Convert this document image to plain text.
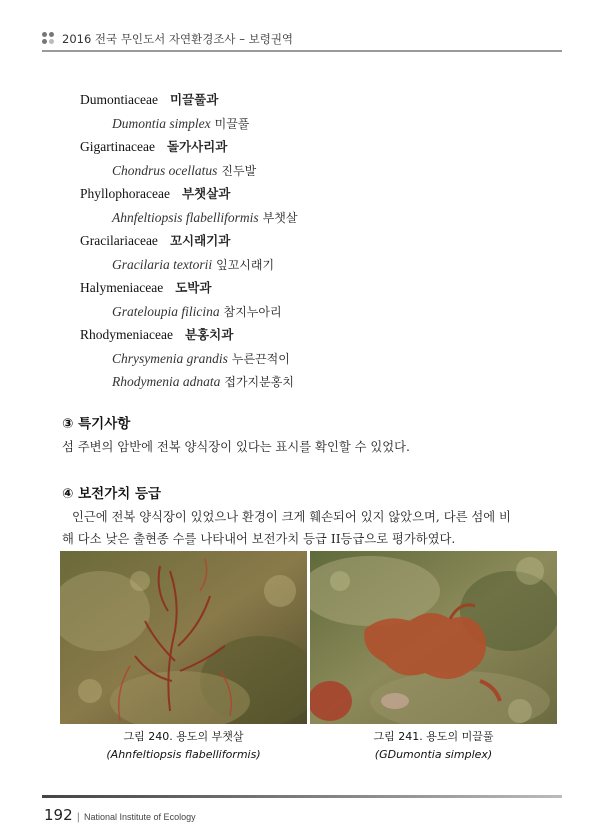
2016 전국 무인도서 자연환경조사 – 보령권역
Dumontiaceae 미끌풀과
Dumontia simplex 미끌풀
Gigartinaceae 돌가사리과
Chondrus ocellatus 진두발
Phyllophoraceae 부챗살과
Ahnfeltiopsis flabelliformis 부챗살
Gracilariaceae 꼬시래기과
Gracilaria textorii 잎꼬시래기
Halymeniaceae 도박과
Grateloupia filicina 참지누아리
Rhodymeniaceae 분홍치과
Chrysymenia grandis 누른끈적이
Rhodymenia adnata 접가지분홍치
③ 특기사항
섬 주변의 암반에 전복 양식장이 있다는 표시를 확인할 수 있었다.
④ 보전가치 등급
인근에 전복 양식장이 있었으나 환경이 크게 훼손되어 있지 않았으며, 다른 섬에 비
해 다소 낮은 출현종 수를 나타내어 보전가치 등급 II등급으로 평가하였다.
그림 240. 용도의 부챗살
(Ahnfeltiopsis flabelliformis)
그림 241. 용도의 미끌풀
(GDumontia simplex)
192 | National Institute of Ecology
